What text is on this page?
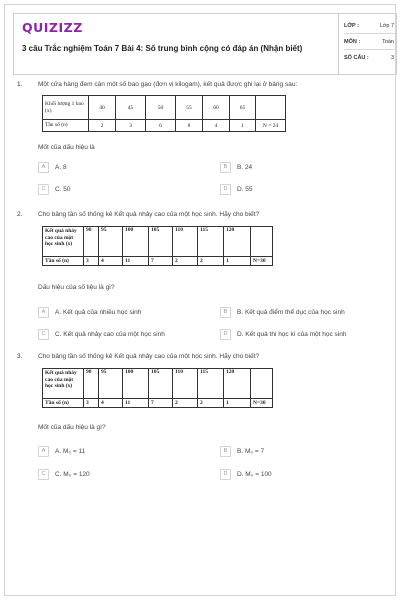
QUIZIZZ
3 câu Trắc nghiệm Toán 7 Bài 4: Số trung bình cộng có đáp án (Nhận biết)
LỚP :	Lớp 7
MÔN :	Toán
SỐ CÂU :	3
1. Một cửa hàng đem cân một số bao gạo (đơn vị kilogam), kết quả được ghi lại ở bảng sau:
Khối lượng 1 bao (x)	40	45	50	55	60	65	
Tần số (n)	2	3	6	8	4	1	N = 24
Mốt của dấu hiệu là
A	A. 8	B	B. 24
C	C. 50	D	D. 55
2. Cho bảng tần số thống kê Kết quả nhảy cao của một học sinh. Hãy cho biết?
Kết quả nhảy cao của một học sinh (x)	90	95	100	105	110	115	120	
Tần số (n)	3	4	11	7	2	2	1	N=30
Dấu hiệu của số liệu là gì?
A	A. Kết quả của nhiều học sinh	B	B. Kết quả điểm thể dục của học sinh
C	C. Kết quả nhảy cao của một học sinh	D	D. Kết quả thi học kì của một học sinh
3. Cho bảng tần số thống kê Kết quả nhảy cao của một học sinh. Hãy cho biết?
Kết quả nhảy cao của một học sinh (x)	90	95	100	105	110	115	120	
Tần số (n)	3	4	11	7	2	2	1	N=30
Mốt của dấu hiệu là gì?
A	A. M₀ = 11	B	B. M₀ = 7
C	C. M₀ = 120	D	D. M₀ = 100
